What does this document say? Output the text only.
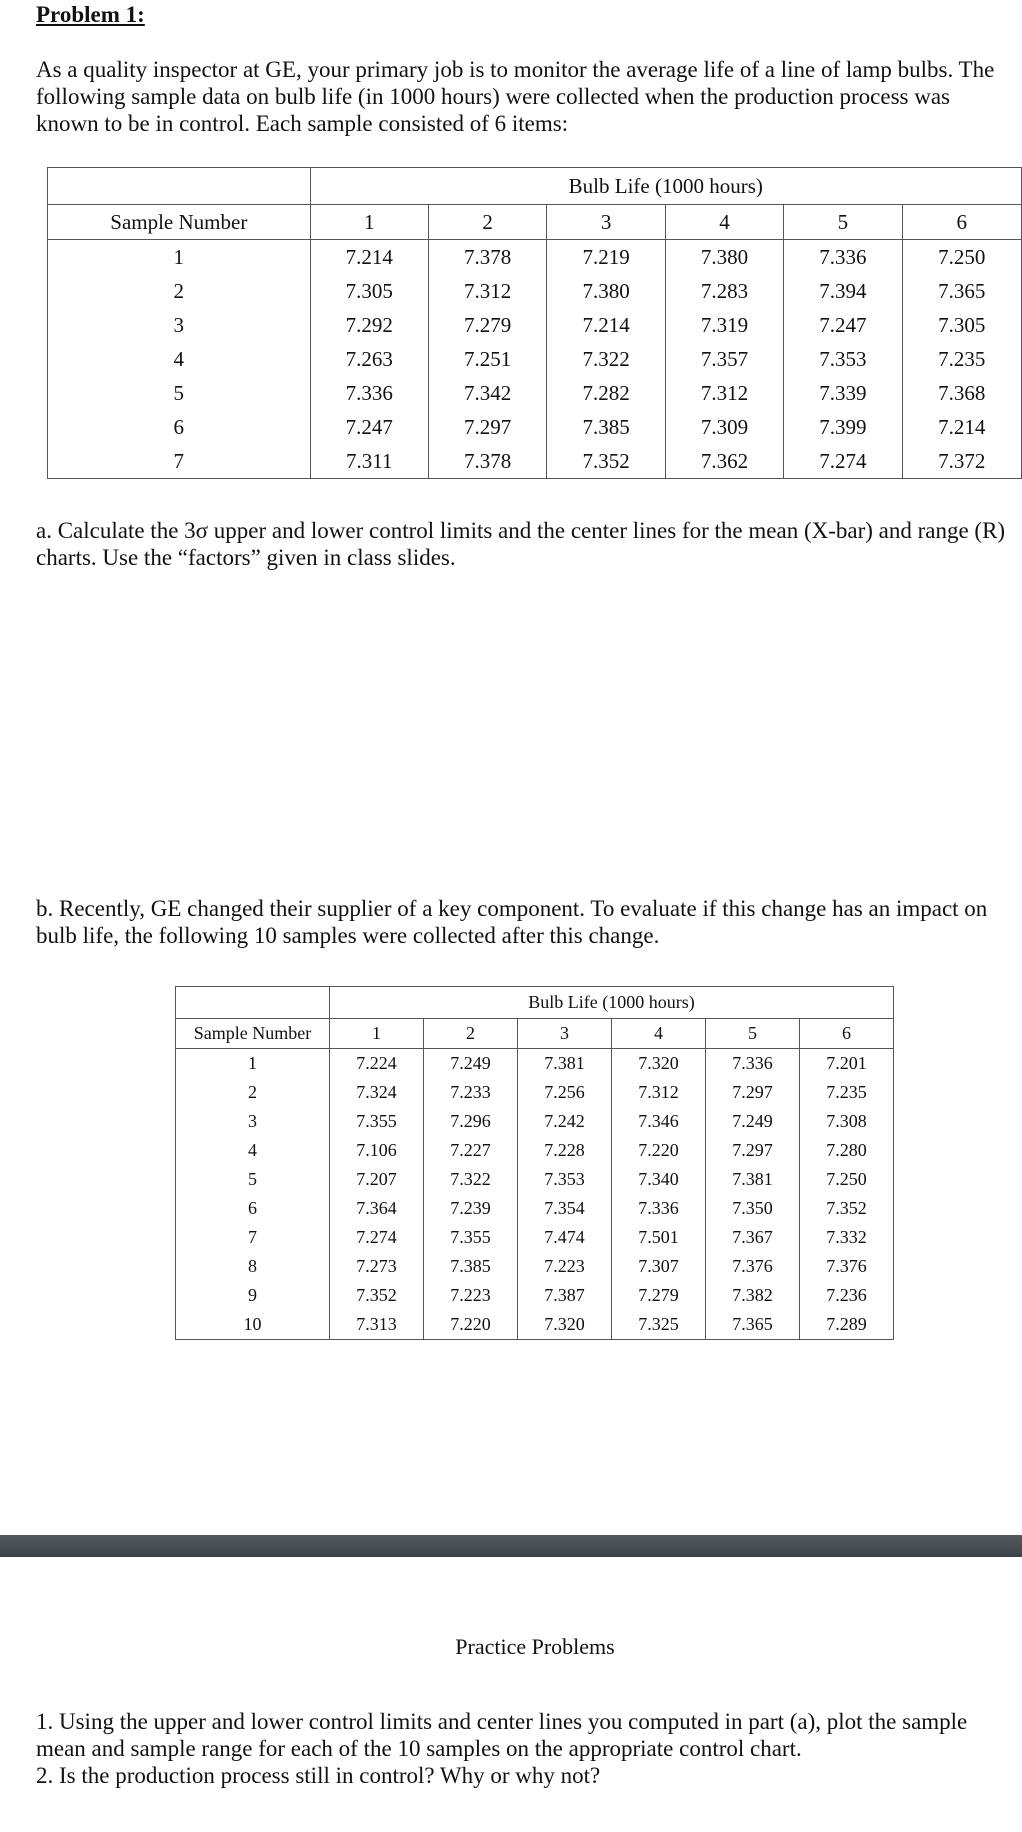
Problem 1:
As a quality inspector at GE, your primary job is to monitor the average life of a line of lamp bulbs. The following sample data on bulb life (in 1000 hours) were collected when the production process was known to be in control. Each sample consisted of 6 items:
	Bulb Life (1000 hours)					
Sample Number	1	2	3	4	5	6
1	7.214	7.378	7.219	7.380	7.336	7.250
2	7.305	7.312	7.380	7.283	7.394	7.365
3	7.292	7.279	7.214	7.319	7.247	7.305
4	7.263	7.251	7.322	7.357	7.353	7.235
5	7.336	7.342	7.282	7.312	7.339	7.368
6	7.247	7.297	7.385	7.309	7.399	7.214
7	7.311	7.378	7.352	7.362	7.274	7.372
a. Calculate the 3σ upper and lower control limits and the center lines for the mean (X-bar) and range (R) charts. Use the “factors” given in class slides.
b. Recently, GE changed their supplier of a key component. To evaluate if this change has an impact on bulb life, the following 10 samples were collected after this change.
	Bulb Life (1000 hours)					
Sample Number	1	2	3	4	5	6
1	7.224	7.249	7.381	7.320	7.336	7.201
2	7.324	7.233	7.256	7.312	7.297	7.235
3	7.355	7.296	7.242	7.346	7.249	7.308
4	7.106	7.227	7.228	7.220	7.297	7.280
5	7.207	7.322	7.353	7.340	7.381	7.250
6	7.364	7.239	7.354	7.336	7.350	7.352
7	7.274	7.355	7.474	7.501	7.367	7.332
8	7.273	7.385	7.223	7.307	7.376	7.376
9	7.352	7.223	7.387	7.279	7.382	7.236
10	7.313	7.220	7.320	7.325	7.365	7.289
Practice Problems
1. Using the upper and lower control limits and center lines you computed in part (a), plot the sample mean and sample range for each of the 10 samples on the appropriate control chart.
2. Is the production process still in control? Why or why not?
